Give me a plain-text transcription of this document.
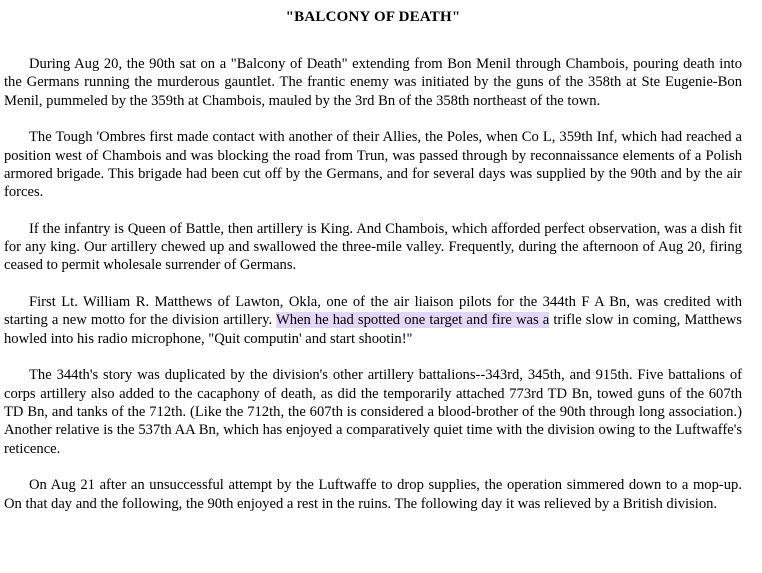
"BALCONY OF DEATH"

During Aug 20, the 90th sat on a "Balcony of Death" extending from Bon Menil through Chambois, pouring death into the Germans running the murderous gauntlet. The frantic enemy was initiated by the guns of the 358th at Ste Eugenie-Bon Menil, pummeled by the 359th at Chambois, mauled by the 3rd Bn of the 358th northeast of the town.

The Tough 'Ombres first made contact with another of their Allies, the Poles, when Co L, 359th Inf, which had reached a position west of Chambois and was blocking the road from Trun, was passed through by reconnaissance elements of a Polish armored brigade. This brigade had been cut off by the Germans, and for several days was supplied by the 90th and by the air forces.

If the infantry is Queen of Battle, then artillery is King. And Chambois, which afforded perfect observation, was a dish fit for any king. Our artillery chewed up and swallowed the three-mile valley. Frequently, during the afternoon of Aug 20, firing ceased to permit wholesale surrender of Germans.

First Lt. William R. Matthews of Lawton, Okla, one of the air liaison pilots for the 344th F A Bn, was credited with starting a new motto for the division artillery. When he had spotted one target and fire was a trifle slow in coming, Matthews howled into his radio microphone, "Quit computin' and start shootin!"

The 344th's story was duplicated by the division's other artillery battalions--343rd, 345th, and 915th. Five battalions of corps artillery also added to the cacaphony of death, as did the temporarily attached 773rd TD Bn, towed guns of the 607th TD Bn, and tanks of the 712th. (Like the 712th, the 607th is considered a blood-brother of the 90th through long association.) Another relative is the 537th AA Bn, which has enjoyed a comparatively quiet time with the division owing to the Luftwaffe's reticence.

On Aug 21 after an unsuccessful attempt by the Luftwaffe to drop supplies, the operation simmered down to a mop-up. On that day and the following, the 90th enjoyed a rest in the ruins. The following day it was relieved by a British division.
